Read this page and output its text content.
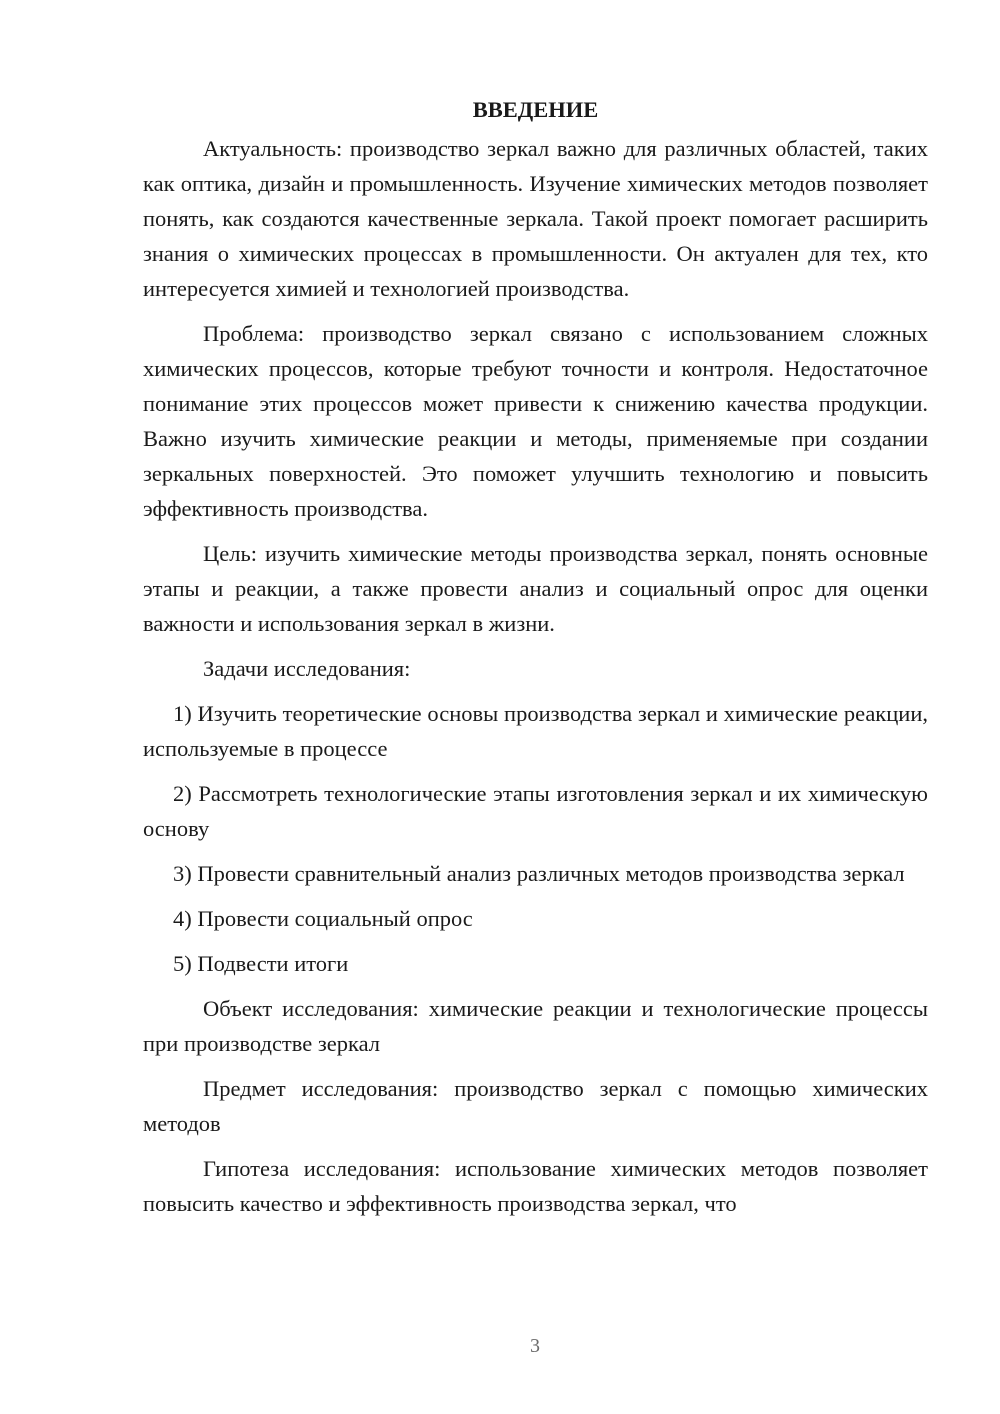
ВВЕДЕНИЕ

Актуальность: производство зеркал важно для различных областей, таких как оптика, дизайн и промышленность. Изучение химических методов позволяет понять, как создаются качественные зеркала. Такой проект помогает расширить знания о химических процессах в промышленности. Он актуален для тех, кто интересуется химией и технологией производства.

Проблема: производство зеркал связано с использованием сложных химических процессов, которые требуют точности и контроля. Недостаточное понимание этих процессов может привести к снижению качества продукции. Важно изучить химические реакции и методы, применяемые при создании зеркальных поверхностей. Это поможет улучшить технологию и повысить эффективность производства.

Цель: изучить химические методы производства зеркал, понять основные этапы и реакции, а также провести анализ и социальный опрос для оценки важности и использования зеркал в жизни.

Задачи исследования:

1) Изучить теоретические основы производства зеркал и химические реакции, используемые в процессе

2) Рассмотреть технологические этапы изготовления зеркал и их химическую основу

3) Провести сравнительный анализ различных методов производства зеркал

4) Провести социальный опрос

5) Подвести итоги

Объект исследования: химические реакции и технологические процессы при производстве зеркал

Предмет исследования: производство зеркал с помощью химических методов

Гипотеза исследования: использование химических методов позволяет повысить качество и эффективность производства зеркал, что

3
